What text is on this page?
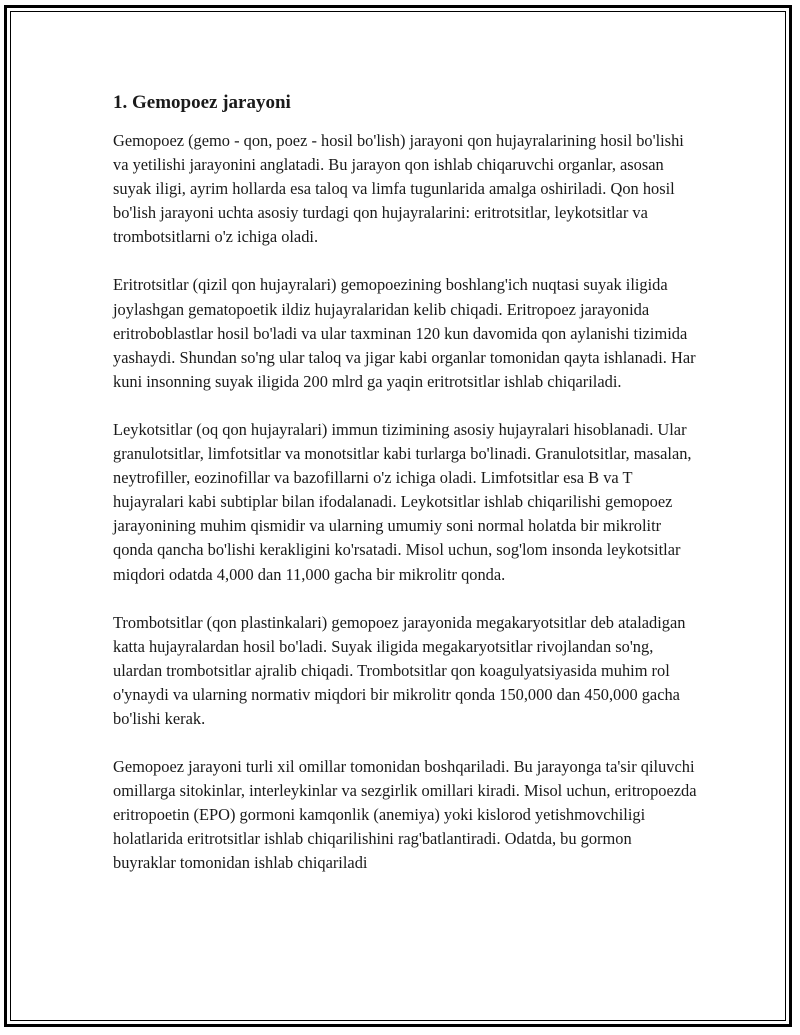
1. Gemopoez jarayoni

Gemopoez (gemo - qon, poez - hosil bo'lish) jarayoni qon hujayralarining hosil bo'lishi va yetilishi jarayonini anglatadi. Bu jarayon qon ishlab chiqaruvchi organlar, asosan suyak iligi, ayrim hollarda esa taloq va limfa tugunlarida amalga oshiriladi. Qon hosil bo'lish jarayoni uchta asosiy turdagi qon hujayralarini: eritrotsitlar, leykotsitlar va trombotsitlarni o'z ichiga oladi.

Eritrotsitlar (qizil qon hujayralari) gemopoezining boshlang'ich nuqtasi suyak iligida joylashgan gematopoetik ildiz hujayralaridan kelib chiqadi. Eritropoez jarayonida eritroboblastlar hosil bo'ladi va ular taxminan 120 kun davomida qon aylanishi tizimida yashaydi. Shundan so'ng ular taloq va jigar kabi organlar tomonidan qayta ishlanadi. Har kuni insonning suyak iligida 200 mlrd ga yaqin eritrotsitlar ishlab chiqariladi.

Leykotsitlar (oq qon hujayralari) immun tizimining asosiy hujayralari hisoblanadi. Ular granulotsitlar, limfotsitlar va monotsitlar kabi turlarga bo'linadi. Granulotsitlar, masalan, neytrofiller, eozinofillar va bazofillarni o'z ichiga oladi. Limfotsitlar esa B va T hujayralari kabi subtiplar bilan ifodalanadi. Leykotsitlar ishlab chiqarilishi gemopoez jarayonining muhim qismidir va ularning umumiy soni normal holatda bir mikrolitr qonda qancha bo'lishi kerakligini ko'rsatadi. Misol uchun, sog'lom insonda leykotsitlar miqdori odatda 4,000 dan 11,000 gacha bir mikrolitr qonda.

Trombotsitlar (qon plastinkalari) gemopoez jarayonida megakaryotsitlar deb ataladigan katta hujayralardan hosil bo'ladi. Suyak iligida megakaryotsitlar rivojlandan so'ng, ulardan trombotsitlar ajralib chiqadi. Trombotsitlar qon koagulyatsiyasida muhim rol o'ynaydi va ularning normativ miqdori bir mikrolitr qonda 150,000 dan 450,000 gacha bo'lishi kerak.

Gemopoez jarayoni turli xil omillar tomonidan boshqariladi. Bu jarayonga ta'sir qiluvchi omillarga sitokinlar, interleykinlar va sezgirlik omillari kiradi. Misol uchun, eritropoezda eritropoetin (EPO) gormoni kamqonlik (anemiya) yoki kislorod yetishmovchiligi holatlarida eritrotsitlar ishlab chiqarilishini rag'batlantiradi. Odatda, bu gormon buyraklar tomonidan ishlab chiqariladi
